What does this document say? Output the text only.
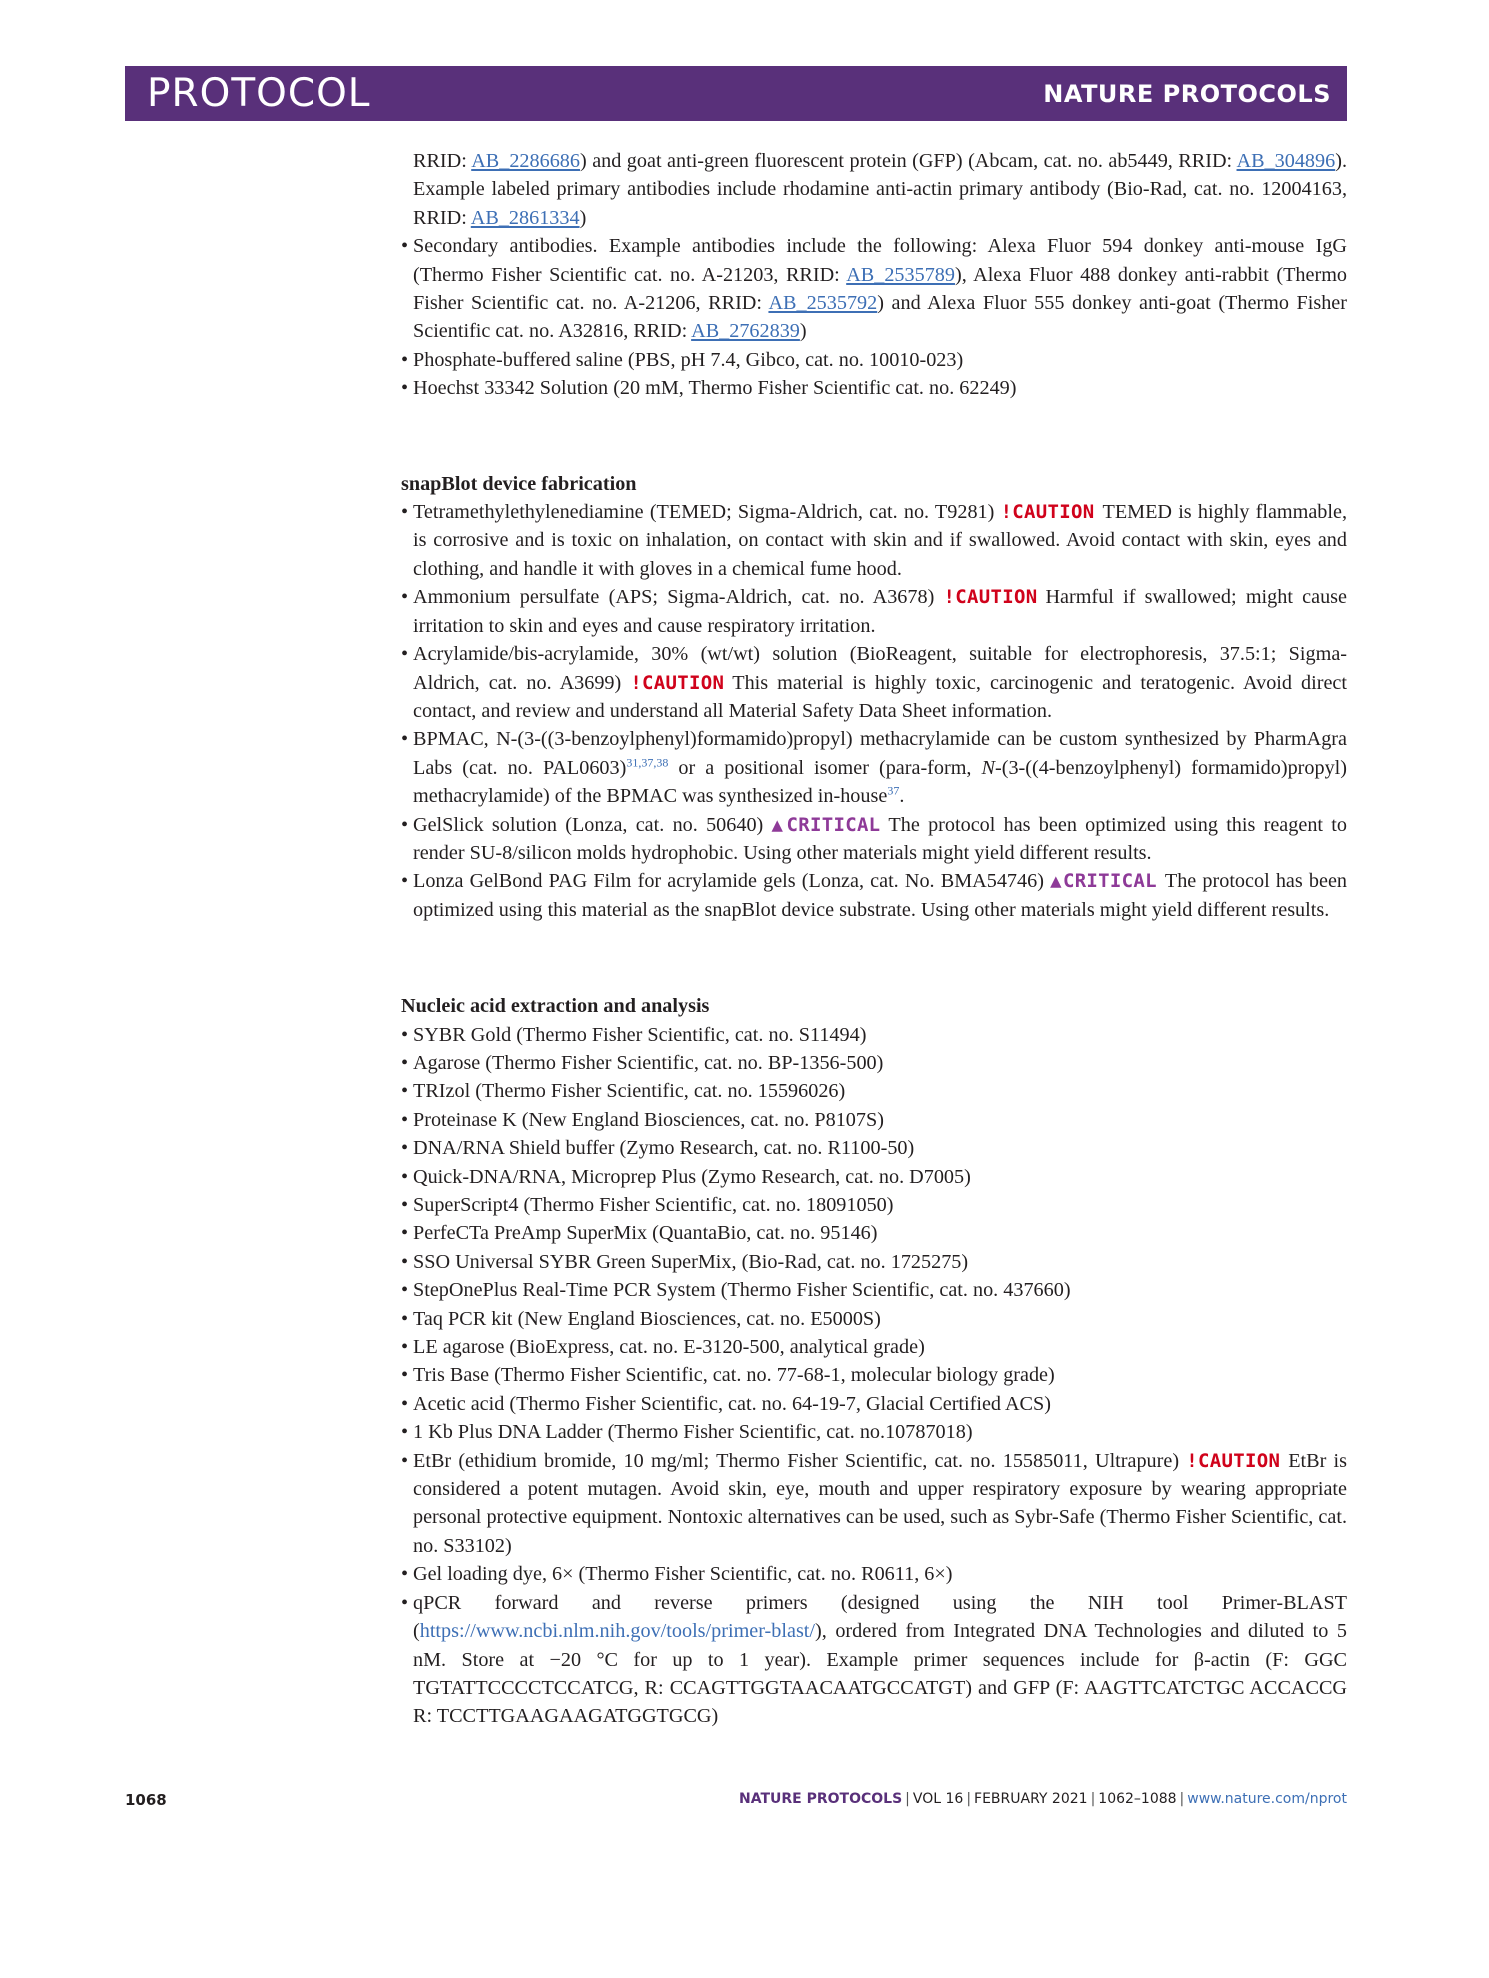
PROTOCOL	NATURE PROTOCOLS
RRID: AB_2286686) and goat anti-green fluorescent protein (GFP) (Abcam, cat. no. ab5449, RRID: AB_304896). Example labeled primary antibodies include rhodamine anti-actin primary antibody (Bio-Rad, cat. no. 12004163, RRID: AB_2861334)
• Secondary antibodies. Example antibodies include the following: Alexa Fluor 594 donkey anti-mouse IgG (Thermo Fisher Scientific cat. no. A-21203, RRID: AB_2535789), Alexa Fluor 488 donkey anti-rabbit (Thermo Fisher Scientific cat. no. A-21206, RRID: AB_2535792) and Alexa Fluor 555 donkey anti-goat (Thermo Fisher Scientific cat. no. A32816, RRID: AB_2762839)
• Phosphate-buffered saline (PBS, pH 7.4, Gibco, cat. no. 10010-023)
• Hoechst 33342 Solution (20 mM, Thermo Fisher Scientific cat. no. 62249)
snapBlot device fabrication
• Tetramethylethylenediamine (TEMED; Sigma-Aldrich, cat. no. T9281) !CAUTION TEMED is highly flammable, is corrosive and is toxic on inhalation, on contact with skin and if swallowed. Avoid contact with skin, eyes and clothing, and handle it with gloves in a chemical fume hood.
• Ammonium persulfate (APS; Sigma-Aldrich, cat. no. A3678) !CAUTION Harmful if swallowed; might cause irritation to skin and eyes and cause respiratory irritation.
• Acrylamide/bis-acrylamide, 30% (wt/wt) solution (BioReagent, suitable for electrophoresis, 37.5:1; Sigma-Aldrich, cat. no. A3699) !CAUTION This material is highly toxic, carcinogenic and teratogenic. Avoid direct contact, and review and understand all Material Safety Data Sheet information.
• BPMAC, N-(3-((3-benzoylphenyl)formamido)propyl) methacrylamide can be custom synthesized by PharmAgra Labs (cat. no. PAL0603)$^{31,37,38}$ or a positional isomer (para-form, N-(3-((4-benzoylphenyl) formamido)propyl) methacrylamide) of the BPMAC was synthesized in-house$^{37}$.
• GelSlick solution (Lonza, cat. no. 50640) ▲CRITICAL The protocol has been optimized using this reagent to render SU-8/silicon molds hydrophobic. Using other materials might yield different results.
• Lonza GelBond PAG Film for acrylamide gels (Lonza, cat. No. BMA54746) ▲CRITICAL The protocol has been optimized using this material as the snapBlot device substrate. Using other materials might yield different results.
Nucleic acid extraction and analysis
• SYBR Gold (Thermo Fisher Scientific, cat. no. S11494)
• Agarose (Thermo Fisher Scientific, cat. no. BP-1356-500)
• TRIzol (Thermo Fisher Scientific, cat. no. 15596026)
• Proteinase K (New England Biosciences, cat. no. P8107S)
• DNA/RNA Shield buffer (Zymo Research, cat. no. R1100-50)
• Quick-DNA/RNA, Microprep Plus (Zymo Research, cat. no. D7005)
• SuperScript4 (Thermo Fisher Scientific, cat. no. 18091050)
• PerfeCTa PreAmp SuperMix (QuantaBio, cat. no. 95146)
• SSO Universal SYBR Green SuperMix, (Bio-Rad, cat. no. 1725275)
• StepOnePlus Real-Time PCR System (Thermo Fisher Scientific, cat. no. 437660)
• Taq PCR kit (New England Biosciences, cat. no. E5000S)
• LE agarose (BioExpress, cat. no. E-3120-500, analytical grade)
• Tris Base (Thermo Fisher Scientific, cat. no. 77-68-1, molecular biology grade)
• Acetic acid (Thermo Fisher Scientific, cat. no. 64-19-7, Glacial Certified ACS)
• 1 Kb Plus DNA Ladder (Thermo Fisher Scientific, cat. no.10787018)
• EtBr (ethidium bromide, 10 mg/ml; Thermo Fisher Scientific, cat. no. 15585011, Ultrapure) !CAUTION EtBr is considered a potent mutagen. Avoid skin, eye, mouth and upper respiratory exposure by wearing appropriate personal protective equipment. Nontoxic alternatives can be used, such as Sybr-Safe (Thermo Fisher Scientific, cat. no. S33102)
• Gel loading dye, 6× (Thermo Fisher Scientific, cat. no. R0611, 6×)
• qPCR forward and reverse primers (designed using the NIH tool Primer-BLAST (https://www.ncbi.nlm.nih.gov/tools/primer-blast/), ordered from Integrated DNA Technologies and diluted to 5 nM. Store at −20 °C for up to 1 year). Example primer sequences include for β-actin (F: GGC TGTATTCCCCTCCATCG, R: CCAGTTGGTAACAATGCCATGT) and GFP (F: AAGTTCATCTGC ACCACCG R: TCCTTGAAGAAGATGGTGCG)
1068	NATURE PROTOCOLS | VOL 16 | FEBRUARY 2021 | 1062–1088 | www.nature.com/nprot
